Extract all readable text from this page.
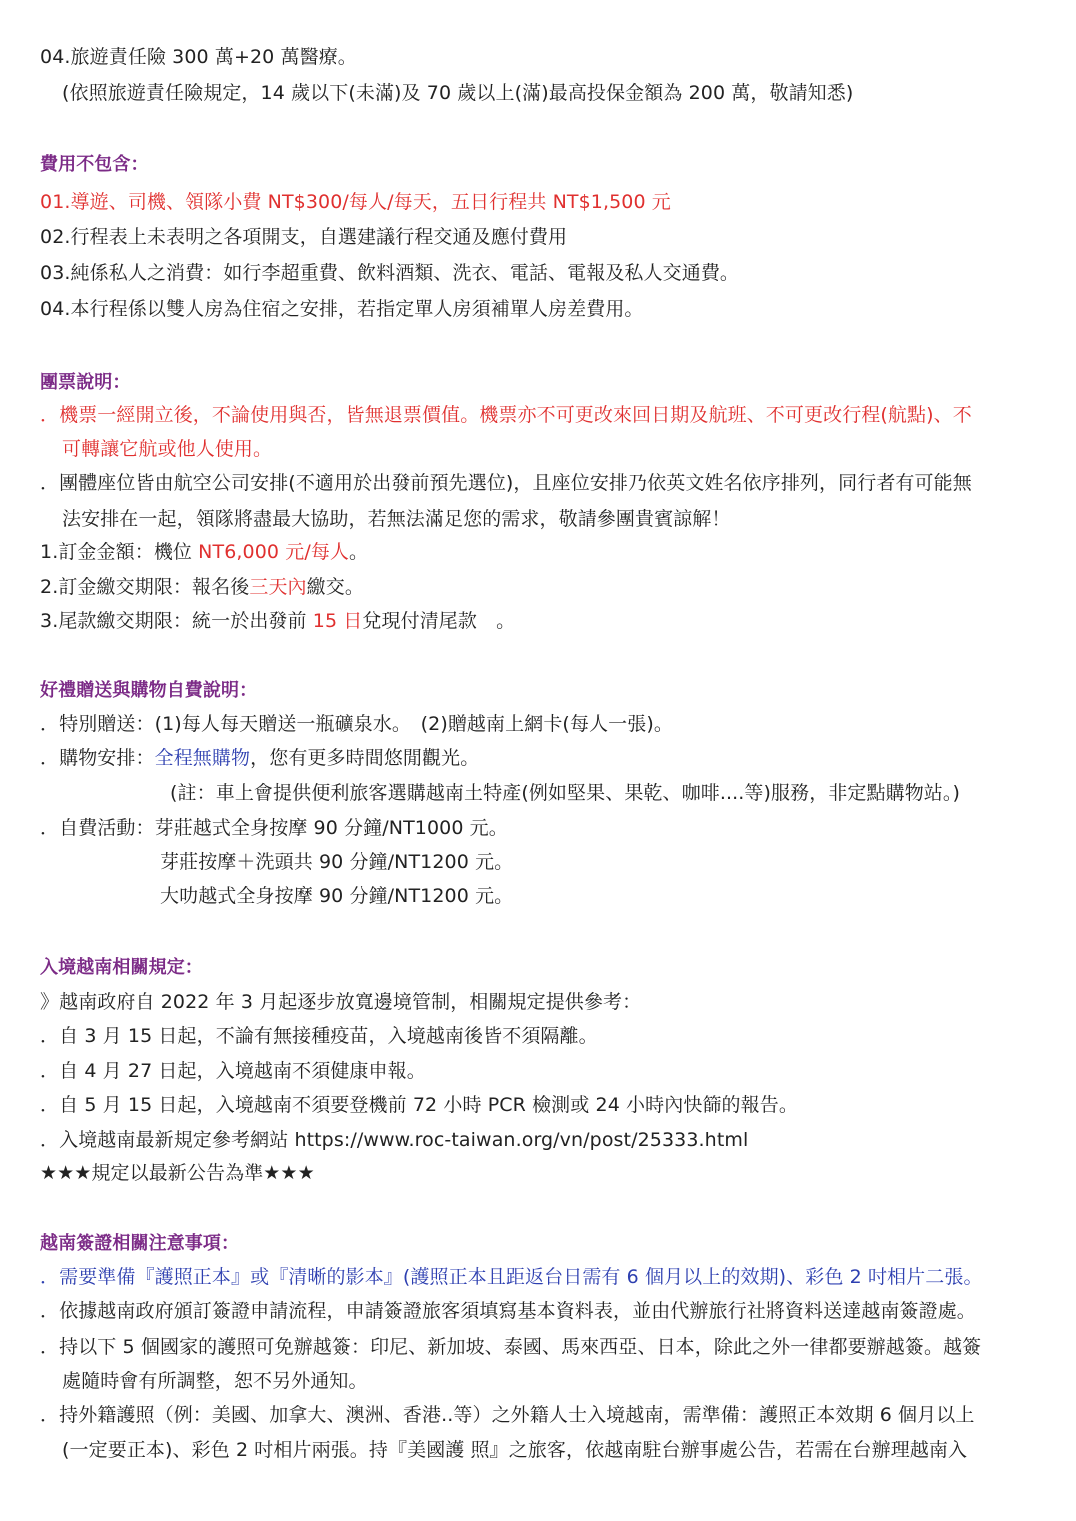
04.旅遊責任險 300 萬+20 萬醫療。
(依照旅遊責任險規定，14 歲以下(未滿)及 70 歲以上(滿)最高投保金額為 200 萬，敬請知悉)
費用不包含：
01.導遊、司機、領隊小費 NT$300/每人/每天，五日行程共 NT$1,500 元
02.行程表上未表明之各項開支，自選建議行程交通及應付費用
03.純係私人之消費：如行李超重費、飲料酒類、洗衣、電話、電報及私人交通費。
04.本行程係以雙人房為住宿之安排，若指定單人房須補單人房差費用。
團票說明：
．機票一經開立後，不論使用與否，皆無退票價值。機票亦不可更改來回日期及航班、不可更改行程(航點)、不
可轉讓它航或他人使用。
．團體座位皆由航空公司安排(不適用於出發前預先選位)，且座位安排乃依英文姓名依序排列，同行者有可能無
法安排在一起，領隊將盡最大協助，若無法滿足您的需求，敬請參團貴賓諒解！
1.訂金金額：機位 NT6,000 元/每人。
2.訂金繳交期限：報名後三天內繳交。
3.尾款繳交期限：統一於出發前 15 日兌現付清尾款　。
好禮贈送與購物自費說明：
．特別贈送：(1)每人每天贈送一瓶礦泉水。　(2)贈越南上網卡(每人一張)。
．購物安排：全程無購物，您有更多時間悠閒觀光。
(註：車上會提供便利旅客選購越南土特產(例如堅果、果乾、咖啡....等)服務，非定點購物站。)
．自費活動：芽莊越式全身按摩 90 分鐘/NT1000 元。
芽莊按摩＋洗頭共 90 分鐘/NT1200 元。
大叻越式全身按摩 90 分鐘/NT1200 元。
入境越南相關規定：
》越南政府自 2022 年 3 月起逐步放寬邊境管制，相關規定提供參考：
．自 3 月 15 日起，不論有無接種疫苗，入境越南後皆不須隔離。
．自 4 月 27 日起，入境越南不須健康申報。
．自 5 月 15 日起，入境越南不須要登機前 72 小時 PCR 檢測或 24 小時內快篩的報告。
．入境越南最新規定參考網站 https://www.roc-taiwan.org/vn/post/25333.html
★★★規定以最新公告為準★★★
越南簽證相關注意事項：
．需要準備『護照正本』或『清晰的影本』(護照正本且距返台日需有 6 個月以上的效期)、彩色 2 吋相片二張。
．依據越南政府頒訂簽證申請流程，申請簽證旅客須填寫基本資料表，並由代辦旅行社將資料送達越南簽證處。
．持以下 5 個國家的護照可免辦越簽：印尼、新加坡、泰國、馬來西亞、日本，除此之外一律都要辦越簽。越簽
處隨時會有所調整，恕不另外通知。
．持外籍護照（例：美國、加拿大、澳洲、香港..等）之外籍人士入境越南，需準備：護照正本效期 6 個月以上
(一定要正本)、彩色 2 吋相片兩張。持『美國護 照』之旅客，依越南駐台辦事處公告，若需在台辦理越南入
